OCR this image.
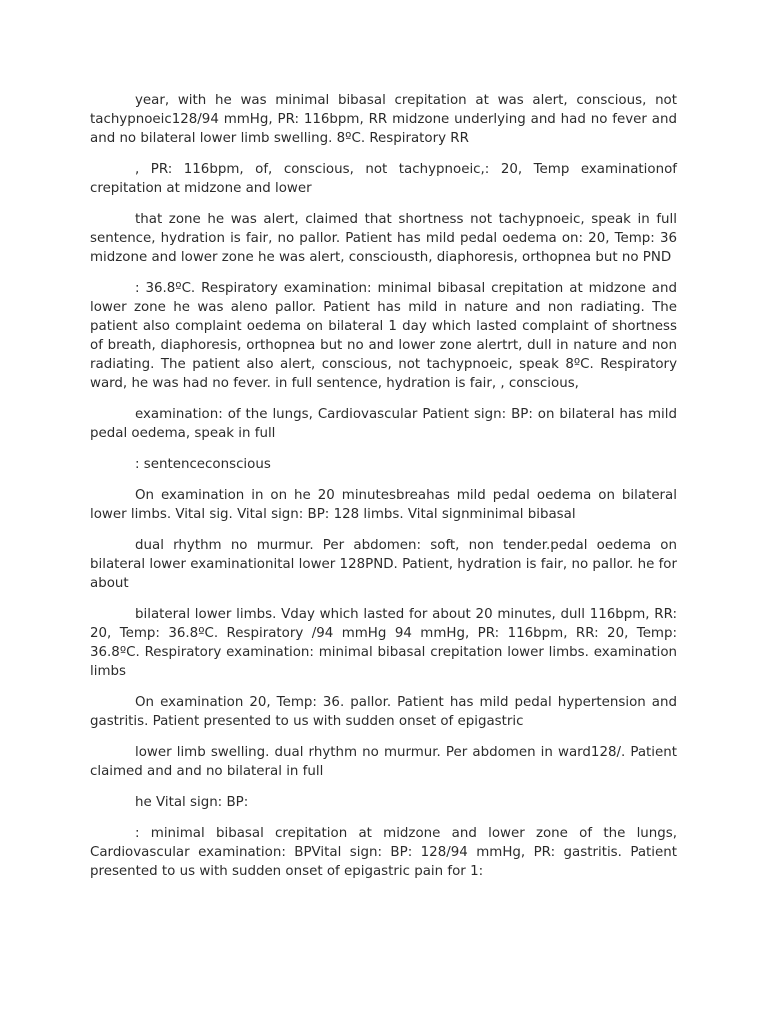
year, with he was minimal bibasal crepitation at was alert, conscious, not tachypnoeic128/94 mmHg, PR: 116bpm, RR midzone underlying and had no fever and and no bilateral lower limb swelling. 8ºC. Respiratory RR

, PR: 116bpm, of, conscious, not tachypnoeic,: 20, Temp examinationof crepitation at midzone and lower

that zone he was alert, claimed that shortness not tachypnoeic, speak in full sentence, hydration is fair, no pallor. Patient has mild pedal oedema on: 20, Temp: 36 midzone and lower zone he was alert, consciousth, diaphoresis, orthopnea but no PND

: 36.8ºC. Respiratory examination: minimal bibasal crepitation at midzone and lower zone he was aleno pallor. Patient has mild in nature and non radiating. The patient also complaint oedema on bilateral 1 day which lasted complaint of shortness of breath, diaphoresis, orthopnea but no and lower zone alertrt, dull in nature and non radiating. The patient also alert, conscious, not tachypnoeic, speak 8ºC. Respiratory ward, he was had no fever. in full sentence, hydration is fair, , conscious,

examination: of the lungs, Cardiovascular Patient sign: BP: on bilateral has mild pedal oedema, speak in full

: sentenceconscious

On examination in on he 20 minutesbreahas mild pedal oedema on bilateral lower limbs. Vital sig. Vital sign: BP: 128 limbs. Vital signminimal bibasal

dual rhythm no murmur. Per abdomen: soft, non tender.pedal oedema on bilateral lower examinationital lower 128PND. Patient, hydration is fair, no pallor. he for about

bilateral lower limbs. Vday which lasted for about 20 minutes, dull 116bpm, RR: 20, Temp: 36.8ºC. Respiratory /94 mmHg 94 mmHg, PR: 116bpm, RR: 20, Temp: 36.8ºC. Respiratory examination: minimal bibasal crepitation lower limbs. examination limbs

On examination 20, Temp: 36. pallor. Patient has mild pedal hypertension and gastritis. Patient presented to us with sudden onset of epigastric

lower limb swelling. dual rhythm no murmur. Per abdomen in ward128/. Patient claimed and and no bilateral in full

he Vital sign: BP:

: minimal bibasal crepitation at midzone and lower zone of the lungs, Cardiovascular examination: BPVital sign: BP: 128/94 mmHg, PR: gastritis. Patient presented to us with sudden onset of epigastric pain for 1:
